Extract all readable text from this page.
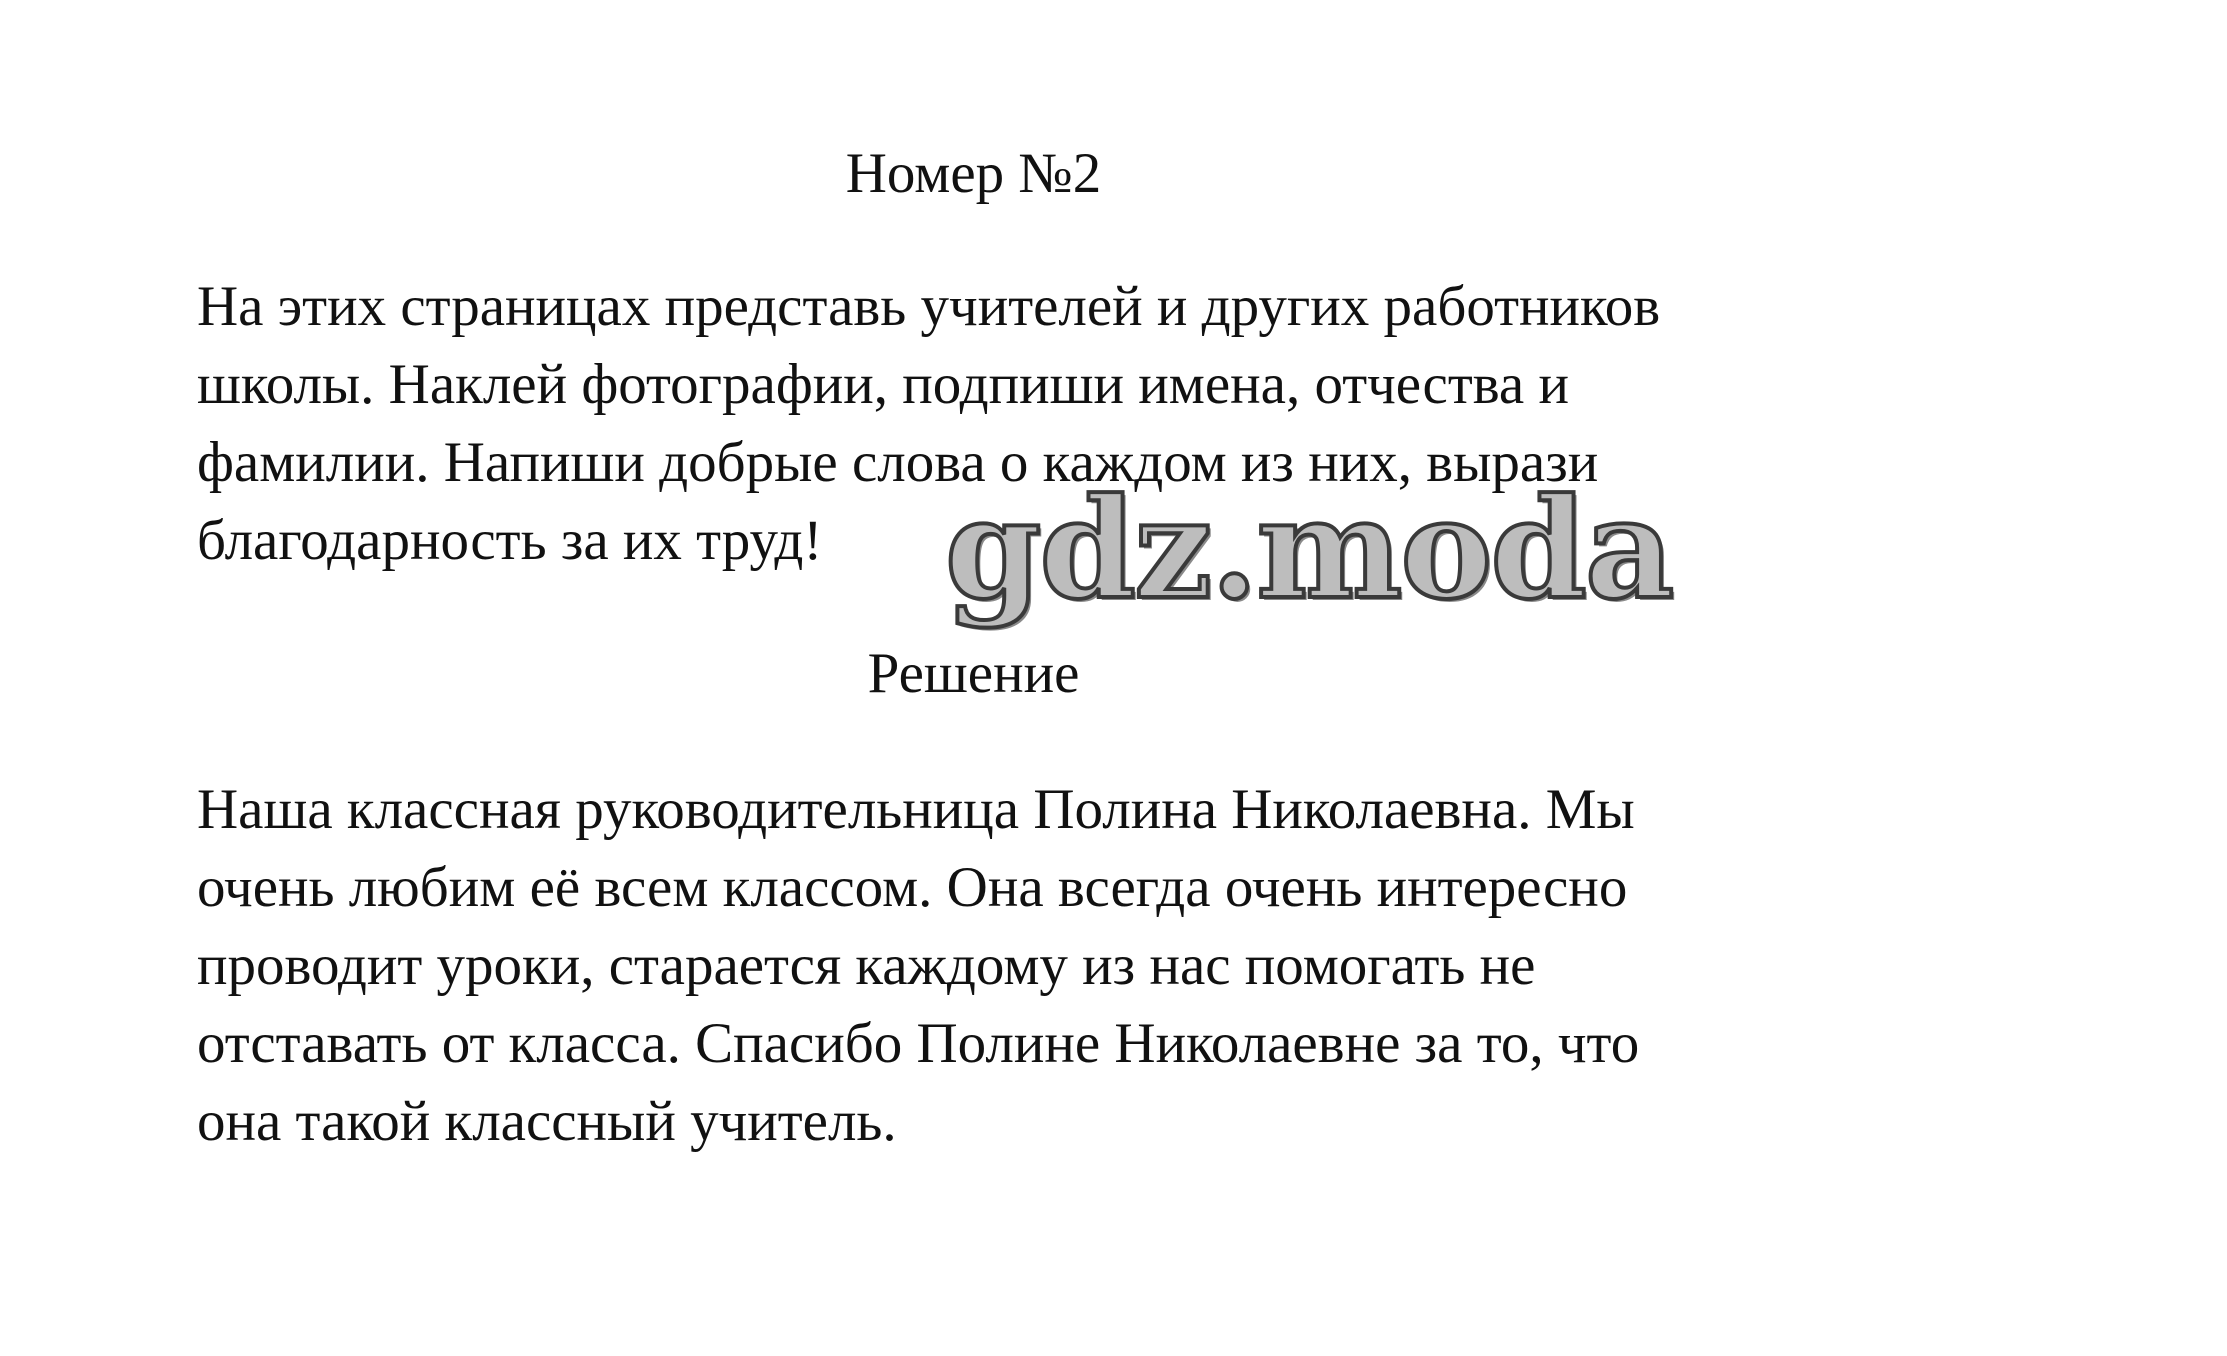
Номер №2

На этих страницах представь учителей и других работников
школы. Наклей фотографии, подпиши имена, отчества и
фамилии. Напиши добрые слова о каждом из них, вырази
благодарность за их труд! gdz.moda
Решение

Наша классная руководительница Полина Николаевна. Мы
очень любим её всем классом. Она всегда очень интересно
проводит уроки, старается каждому из нас помогать не
отставать от класса. Спасибо Полине Николаевне за то, что
она такой классный учитель.
